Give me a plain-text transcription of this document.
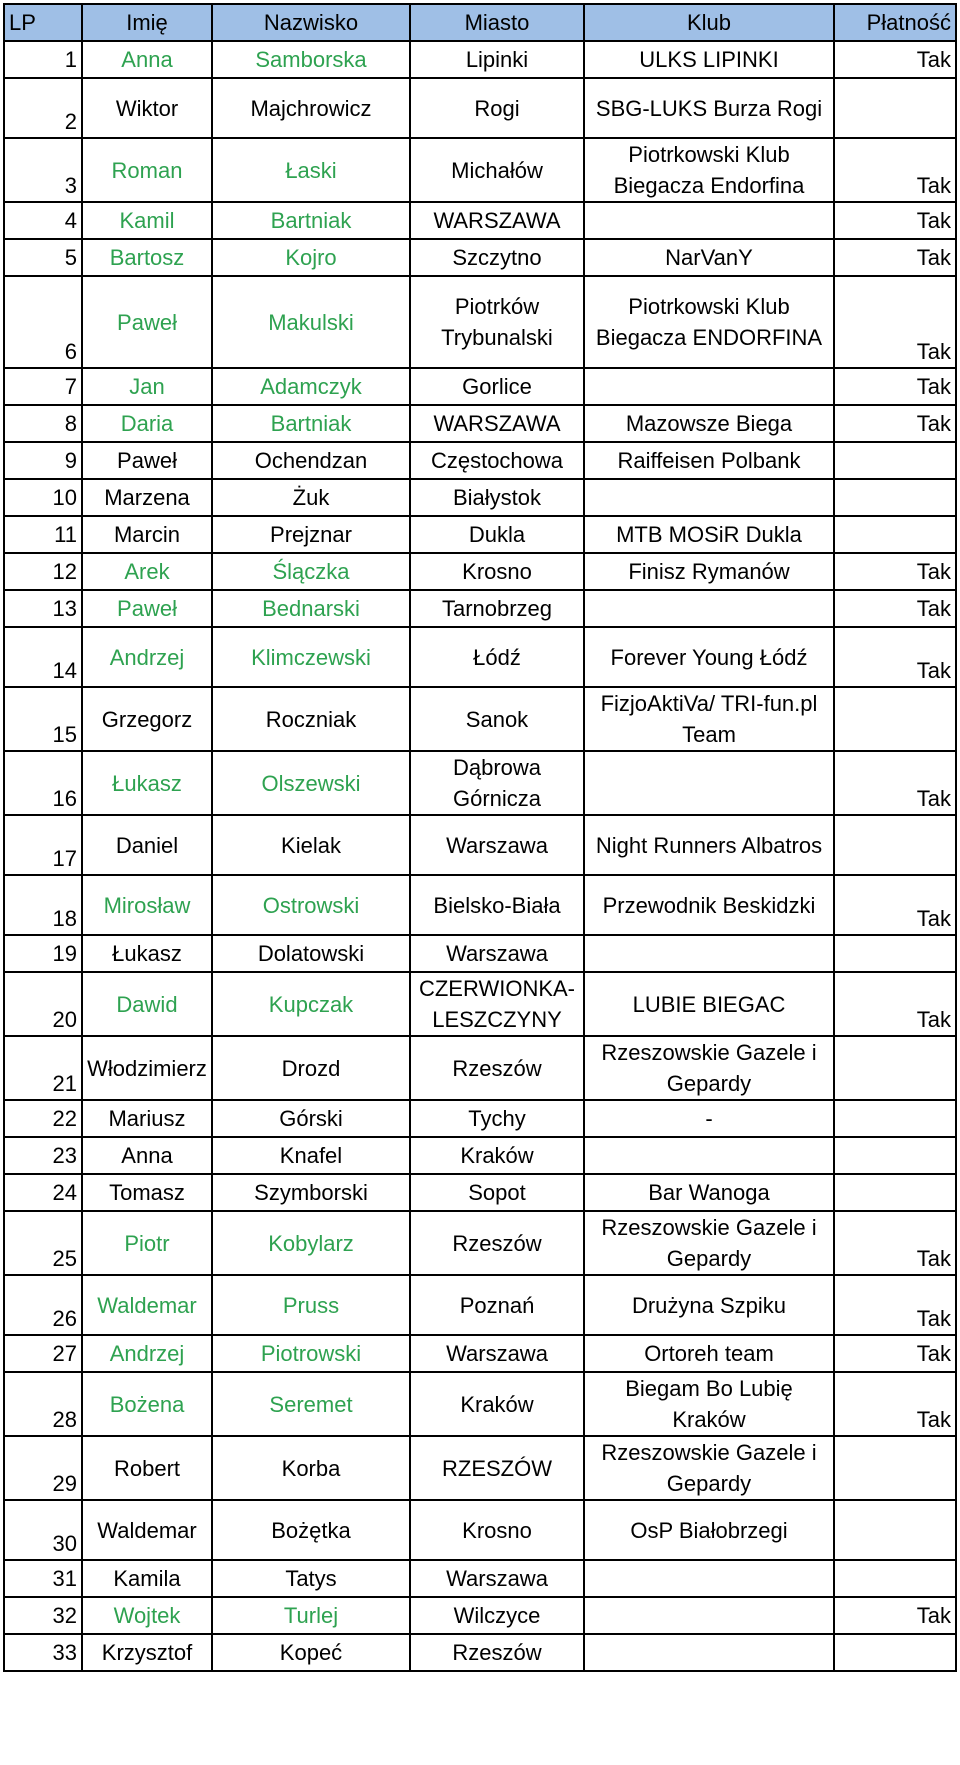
LP	Imię	Nazwisko	Miasto	Klub	Płatność
1	Anna	Samborska	Lipinki	ULKS LIPINKI	Tak
2	Wiktor	Majchrowicz	Rogi	SBG-LUKS Burza Rogi	
3	Roman	Łaski	Michałów	Piotrkowski Klub Biegacza Endorfina	Tak
4	Kamil	Bartniak	WARSZAWA		Tak
5	Bartosz	Kojro	Szczytno	NarVanY	Tak
6	Paweł	Makulski	Piotrków Trybunalski	Piotrkowski Klub Biegacza ENDORFINA	Tak
7	Jan	Adamczyk	Gorlice		Tak
8	Daria	Bartniak	WARSZAWA	Mazowsze Biega	Tak
9	Paweł	Ochendzan	Częstochowa	Raiffeisen Polbank	
10	Marzena	Żuk	Białystok		
11	Marcin	Prejznar	Dukla	MTB MOSiR Dukla	
12	Arek	Ślączka	Krosno	Finisz Rymanów	Tak
13	Paweł	Bednarski	Tarnobrzeg		Tak
14	Andrzej	Klimczewski	Łódź	Forever Young Łódź	Tak
15	Grzegorz	Roczniak	Sanok	FizjoAktiVa/ TRI-fun.pl Team	
16	Łukasz	Olszewski	Dąbrowa Górnicza		Tak
17	Daniel	Kielak	Warszawa	Night Runners Albatros	
18	Mirosław	Ostrowski	Bielsko-Biała	Przewodnik Beskidzki	Tak
19	Łukasz	Dolatowski	Warszawa		
20	Dawid	Kupczak	CZERWIONKA-LESZCZYNY	LUBIE BIEGAC	Tak
21	Włodzimierz	Drozd	Rzeszów	Rzeszowskie Gazele i Gepardy	
22	Mariusz	Górski	Tychy	-	
23	Anna	Knafel	Kraków		
24	Tomasz	Szymborski	Sopot	Bar Wanoga	
25	Piotr	Kobylarz	Rzeszów	Rzeszowskie Gazele i Gepardy	Tak
26	Waldemar	Pruss	Poznań	Drużyna Szpiku	Tak
27	Andrzej	Piotrowski	Warszawa	Ortoreh team	Tak
28	Bożena	Seremet	Kraków	Biegam Bo Lubię Kraków	Tak
29	Robert	Korba	RZESZÓW	Rzeszowskie Gazele i Gepardy	
30	Waldemar	Bożętka	Krosno	OsP Białobrzegi	
31	Kamila	Tatys	Warszawa		
32	Wojtek	Turlej	Wilczyce		Tak
33	Krzysztof	Kopeć	Rzeszów		
